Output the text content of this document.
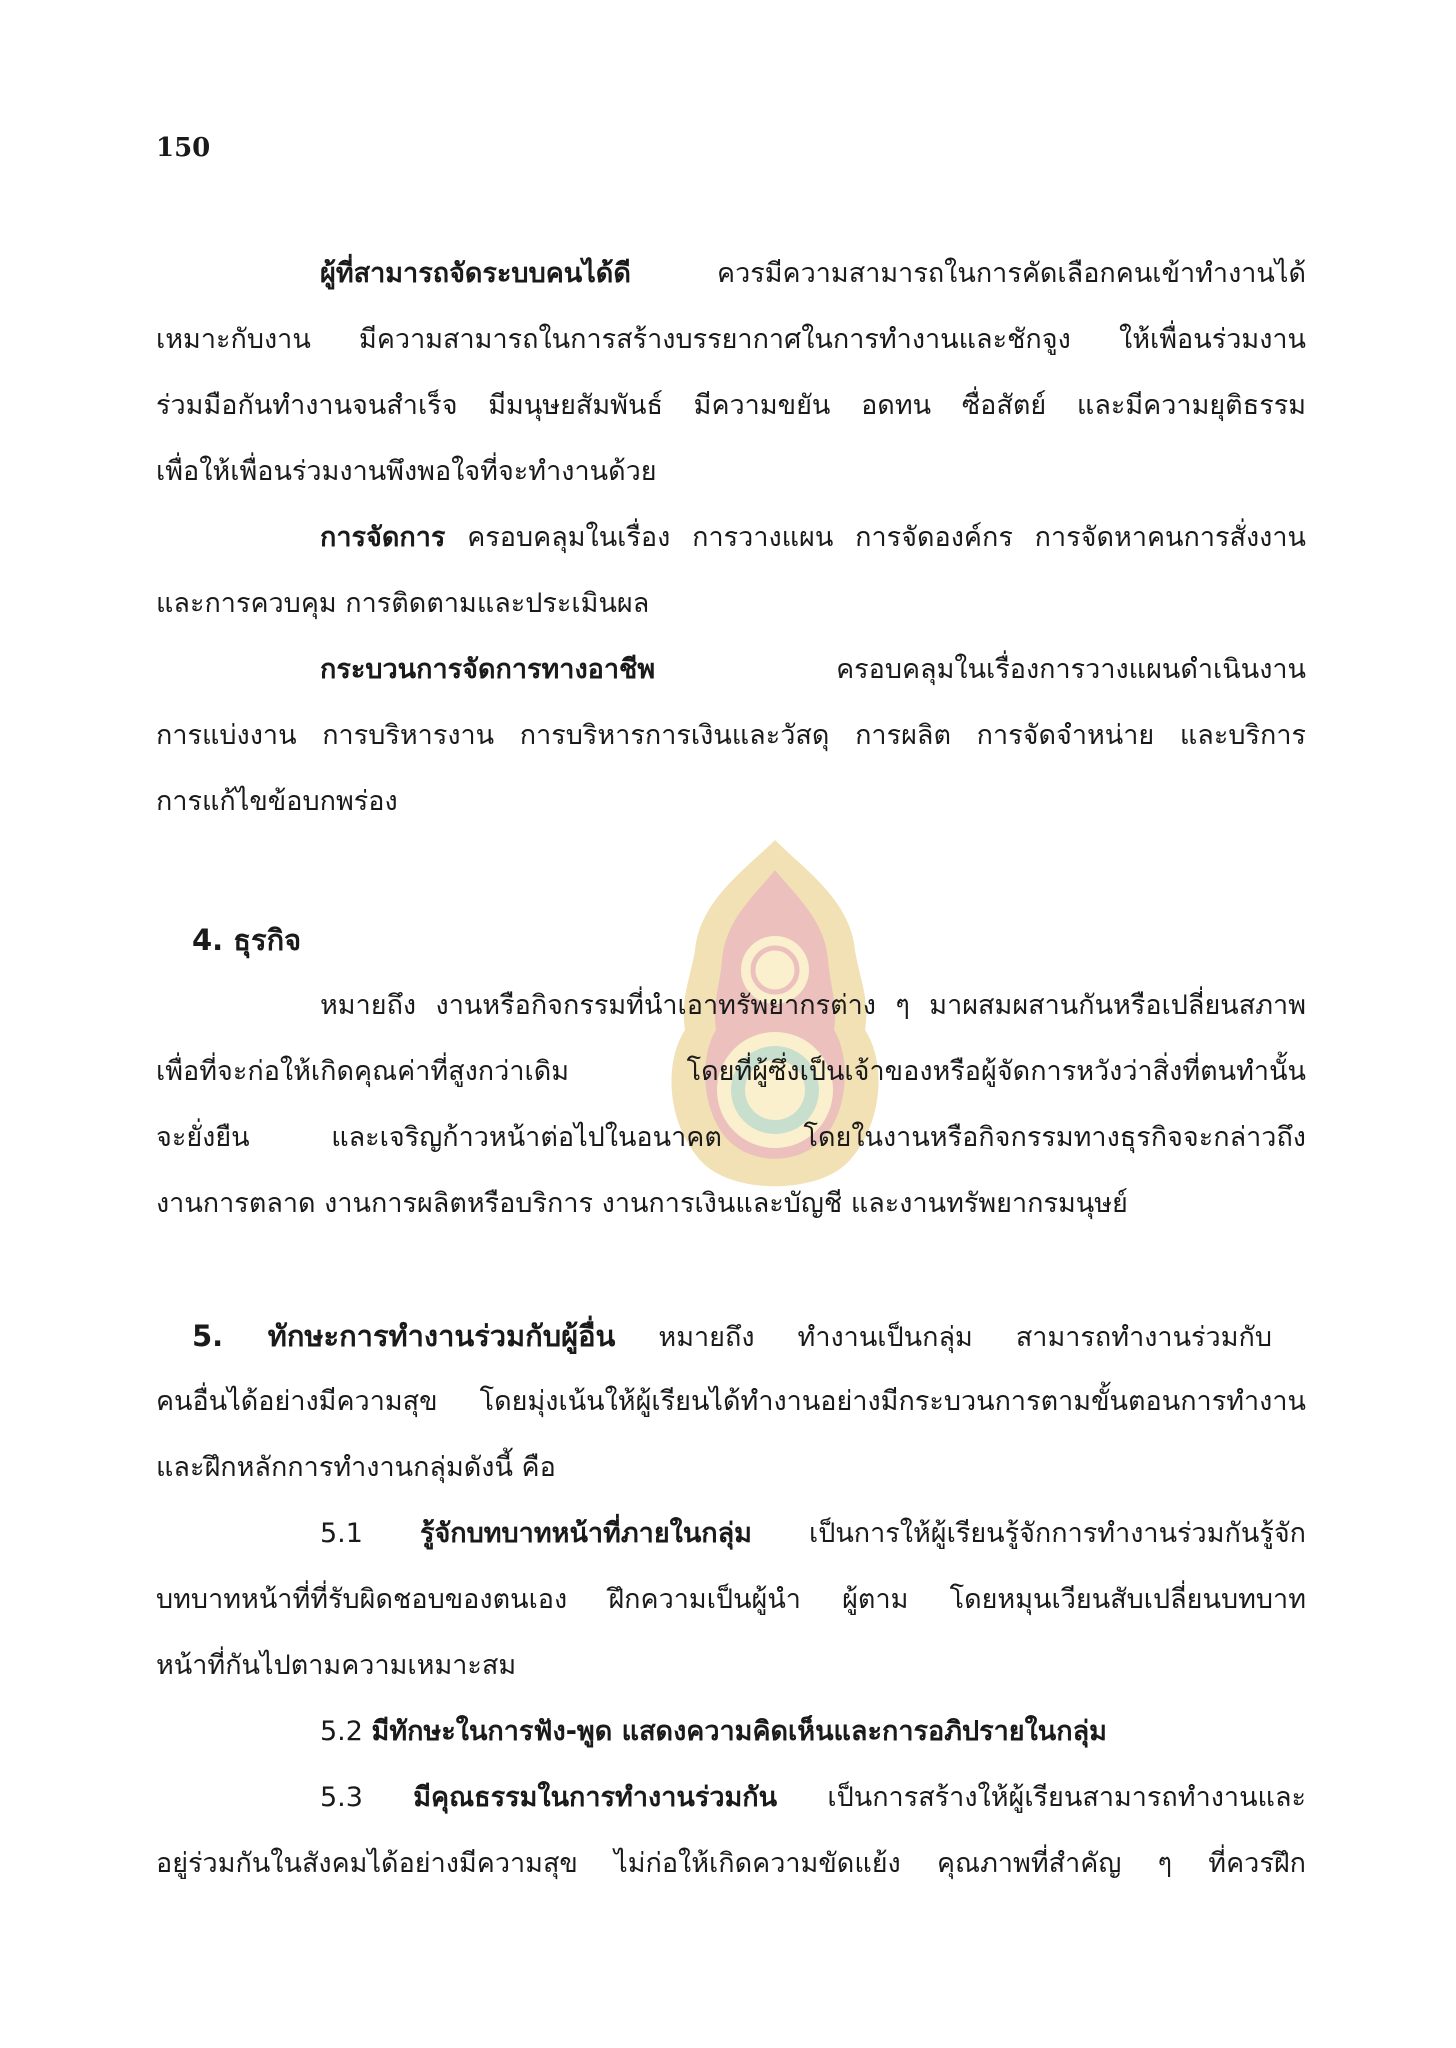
150
ผู้ที่สามารถจัดระบบคนได้ดี ควรมีความสามารถในการคัดเลือกคนเข้าทำงานได้
เหมาะกับงาน มีความสามารถในการสร้างบรรยากาศในการทำงานและชักจูง ให้เพื่อนร่วมงาน
ร่วมมือกันทำงานจนสำเร็จ มีมนุษยสัมพันธ์ มีความขยัน อดทน ซื่อสัตย์ และมีความยุติธรรม
เพื่อให้เพื่อนร่วมงานพึงพอใจที่จะทำงานด้วย
การจัดการ ครอบคลุมในเรื่อง การวางแผน การจัดองค์กร การจัดหาคนการสั่งงาน
และการควบคุม การติดตามและประเมินผล
กระบวนการจัดการทางอาชีพ ครอบคลุมในเรื่องการวางแผนดำเนินงาน
การแบ่งงาน การบริหารงาน การบริหารการเงินและวัสดุ การผลิต การจัดจำหน่าย และบริการ
การแก้ไขข้อบกพร่อง
4. ธุรกิจ
หมายถึง งานหรือกิจกรรมที่นำเอาทรัพยากรต่าง ๆ มาผสมผสานกันหรือเปลี่ยนสภาพ
เพื่อที่จะก่อให้เกิดคุณค่าที่สูงกว่าเดิม โดยที่ผู้ซึ่งเป็นเจ้าของหรือผู้จัดการหวังว่าสิ่งที่ตนทำนั้น
จะยั่งยืน และเจริญก้าวหน้าต่อไปในอนาคต โดยในงานหรือกิจกรรมทางธุรกิจจะกล่าวถึง
งานการตลาด งานการผลิตหรือบริการ งานการเงินและบัญชี และงานทรัพยากรมนุษย์
5. ทักษะการทำงานร่วมกับผู้อื่น หมายถึง ทำงานเป็นกลุ่ม สามารถทำงานร่วมกับ
คนอื่นได้อย่างมีความสุข โดยมุ่งเน้นให้ผู้เรียนได้ทำงานอย่างมีกระบวนการตามขั้นตอนการทำงาน
และฝึกหลักการทำงานกลุ่มดังนี้ คือ
5.1 รู้จักบทบาทหน้าที่ภายในกลุ่ม เป็นการให้ผู้เรียนรู้จักการทำงานร่วมกันรู้จัก
บทบาทหน้าที่ที่รับผิดชอบของตนเอง ฝึกความเป็นผู้นำ ผู้ตาม โดยหมุนเวียนสับเปลี่ยนบทบาท
หน้าที่กันไปตามความเหมาะสม
5.2 มีทักษะในการฟัง-พูด แสดงความคิดเห็นและการอภิปรายในกลุ่ม
5.3 มีคุณธรรมในการทำงานร่วมกัน เป็นการสร้างให้ผู้เรียนสามารถทำงานและ
อยู่ร่วมกันในสังคมได้อย่างมีความสุข ไม่ก่อให้เกิดความขัดแย้ง คุณภาพที่สำคัญ ๆ ที่ควรฝึก
